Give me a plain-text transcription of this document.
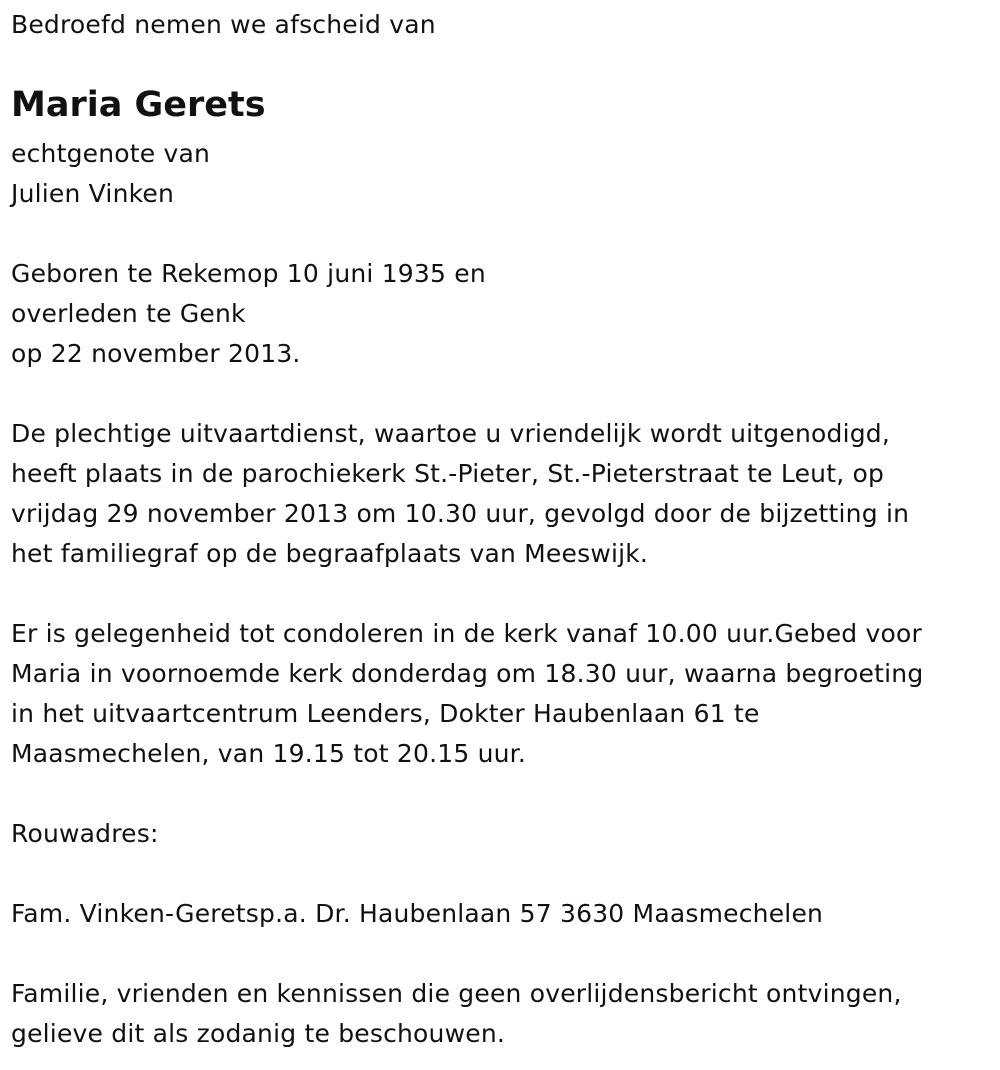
Bedroefd nemen we afscheid van
Maria Gerets
echtgenote van
Julien Vinken
Geboren te Rekemop 10 juni 1935 en
overleden te Genk
op 22 november 2013.
De plechtige uitvaartdienst, waartoe u vriendelijk wordt uitgenodigd,
heeft plaats in de parochiekerk St.-Pieter, St.-Pieterstraat te Leut, op
vrijdag 29 november 2013 om 10.30 uur, gevolgd door de bijzetting in
het familiegraf op de begraafplaats van Meeswijk.
Er is gelegenheid tot condoleren in de kerk vanaf 10.00 uur.Gebed voor
Maria in voornoemde kerk donderdag om 18.30 uur, waarna begroeting
in het uitvaartcentrum Leenders, Dokter Haubenlaan 61 te
Maasmechelen, van 19.15 tot 20.15 uur.
Rouwadres:
Fam. Vinken-Geretsp.a. Dr. Haubenlaan 57 3630 Maasmechelen
Familie, vrienden en kennissen die geen overlijdensbericht ontvingen,
gelieve dit als zodanig te beschouwen.
